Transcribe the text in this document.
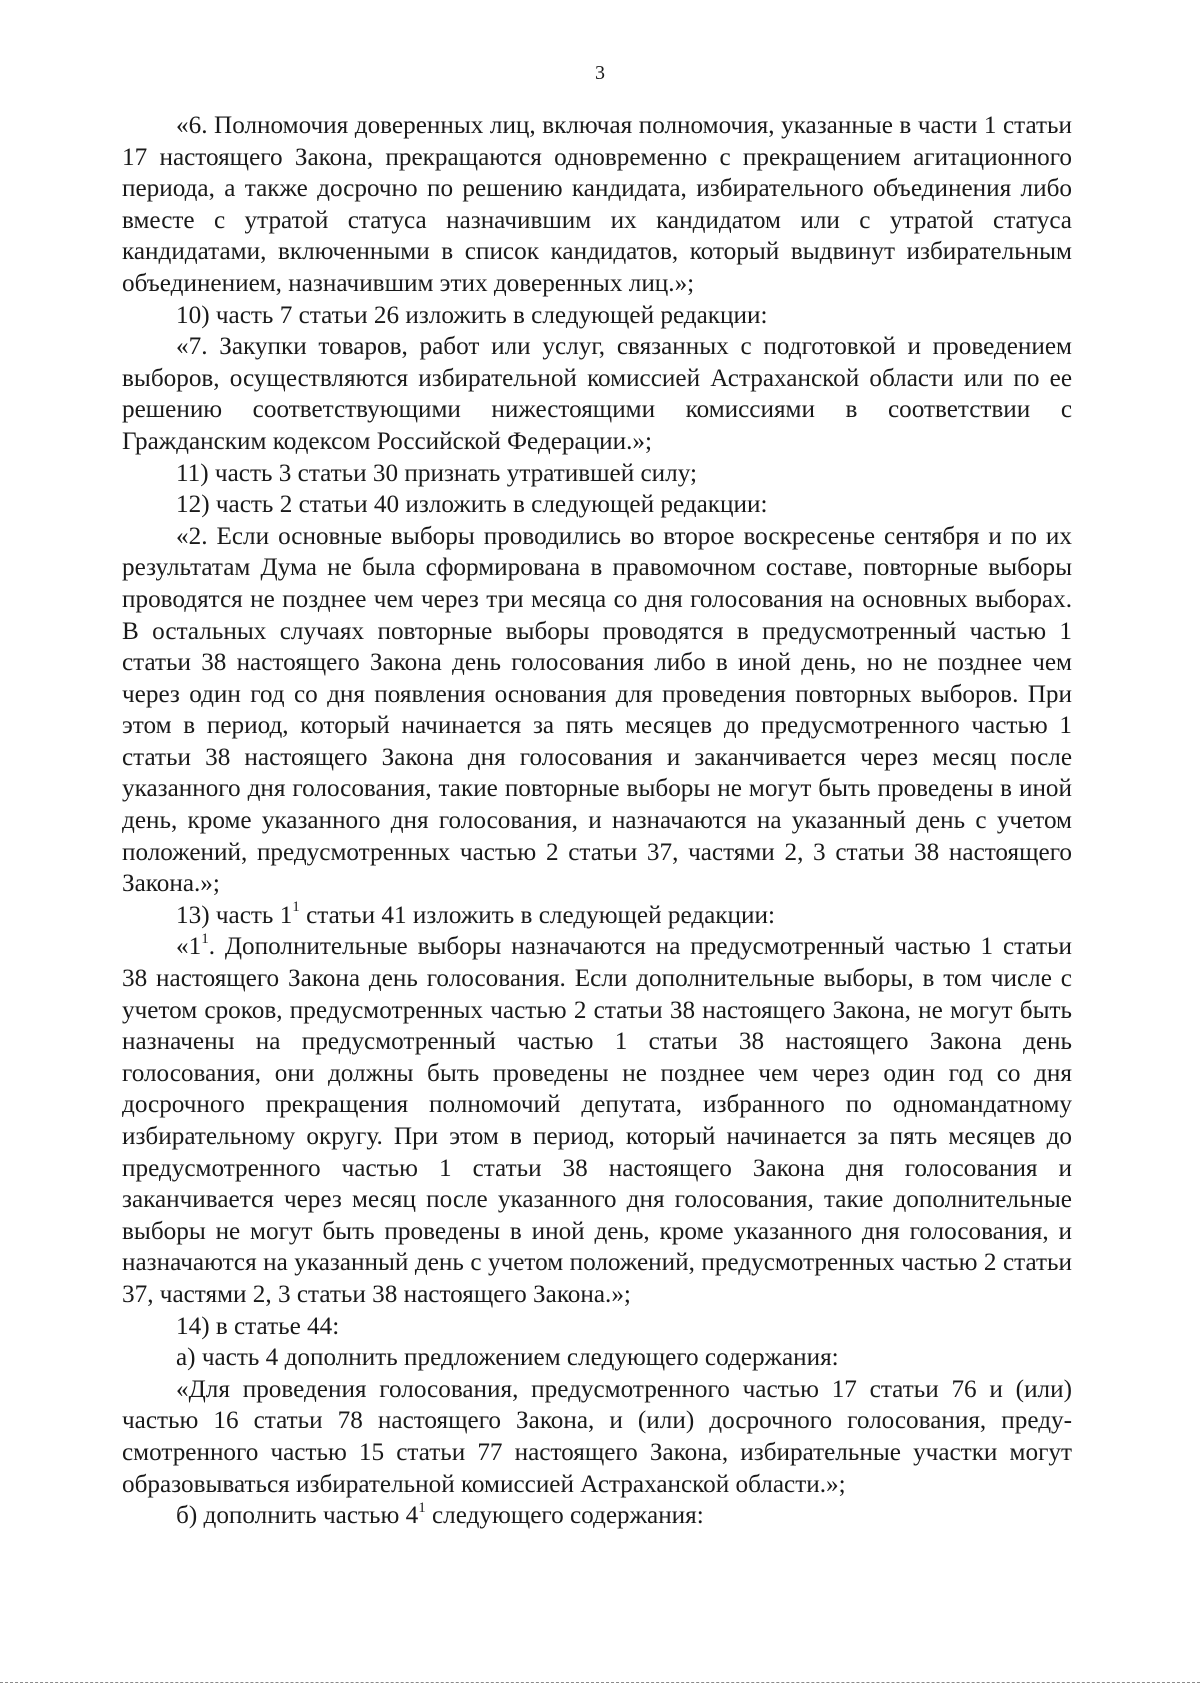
3

«6. Полномочия доверенных лиц, включая полномочия, указанные в части 1 статьи 17 настоящего Закона, прекращаются одновременно с прекращением агитационного периода, а также досрочно по решению кандидата, избирательного объединения либо вместе с утратой статуса назначившим их кандидатом или с утратой статуса кандидатами, включенными в список кандидатов, который выдвинут избирательным объединением, назначившим этих доверенных лиц.»;

10) часть 7 статьи 26 изложить в следующей редакции:

«7. Закупки товаров, работ или услуг, связанных с подготовкой и проведением выборов, осуществляются избирательной комиссией Астраханской области или по ее решению соответствующими нижестоящими комиссиями в соответствии с Гражданским кодексом Российской Федерации.»;

11) часть 3 статьи 30 признать утратившей силу;

12) часть 2 статьи 40 изложить в следующей редакции:

«2. Если основные выборы проводились во второе воскресенье сентября и по их результатам Дума не была сформирована в правомочном составе, повторные выборы проводятся не позднее чем через три месяца со дня голосования на основных выборах. В остальных случаях повторные выборы проводятся в предусмотренный частью 1 статьи 38 настоящего Закона день голосования либо в иной день, но не позднее чем через один год со дня появления основания для проведения повторных выборов. При этом в период, который начинается за пять месяцев до предусмотренного частью 1 статьи 38 настоящего Закона дня голосования и заканчивается через месяц после указанного дня голосования, такие повторные выборы не могут быть проведены в иной день, кроме указанного дня голосования, и назначаются на указанный день с учетом положений, предусмотренных частью 2 статьи 37, частями 2, 3 статьи 38 настоящего Закона.»;

13) часть $1^1$ статьи 41 изложить в следующей редакции:

«$1^1$. Дополнительные выборы назначаются на предусмотренный частью 1 статьи 38 настоящего Закона день голосования. Если дополнительные выборы, в том числе с учетом сроков, предусмотренных частью 2 статьи 38 настоящего Закона, не могут быть назначены на предусмотренный частью 1 статьи 38 настоящего Закона день голосования, они должны быть проведены не позднее чем через один год со дня досрочного прекращения полномочий депутата, избранного по одномандатному избирательному округу. При этом в период, который начинается за пять месяцев до предусмотренного частью 1 статьи 38 настоящего Закона дня голосования и заканчивается через месяц после указанного дня голосования, такие дополнительные выборы не могут быть проведены в иной день, кроме указанного дня голосования, и назначаются на указанный день с учетом положений, предусмотренных частью 2 статьи 37, частями 2, 3 статьи 38 настоящего Закона.»;

14) в статье 44:

а) часть 4 дополнить предложением следующего содержания:

«Для проведения голосования, предусмотренного частью 17 статьи 76 и (или) частью 16 статьи 78 настоящего Закона, и (или) досрочного голосования, предусмотренного частью 15 статьи 77 настоящего Закона, избирательные участки могут образовываться избирательной комиссией Астраханской области.»;

б) дополнить частью $4^1$ следующего содержания:
